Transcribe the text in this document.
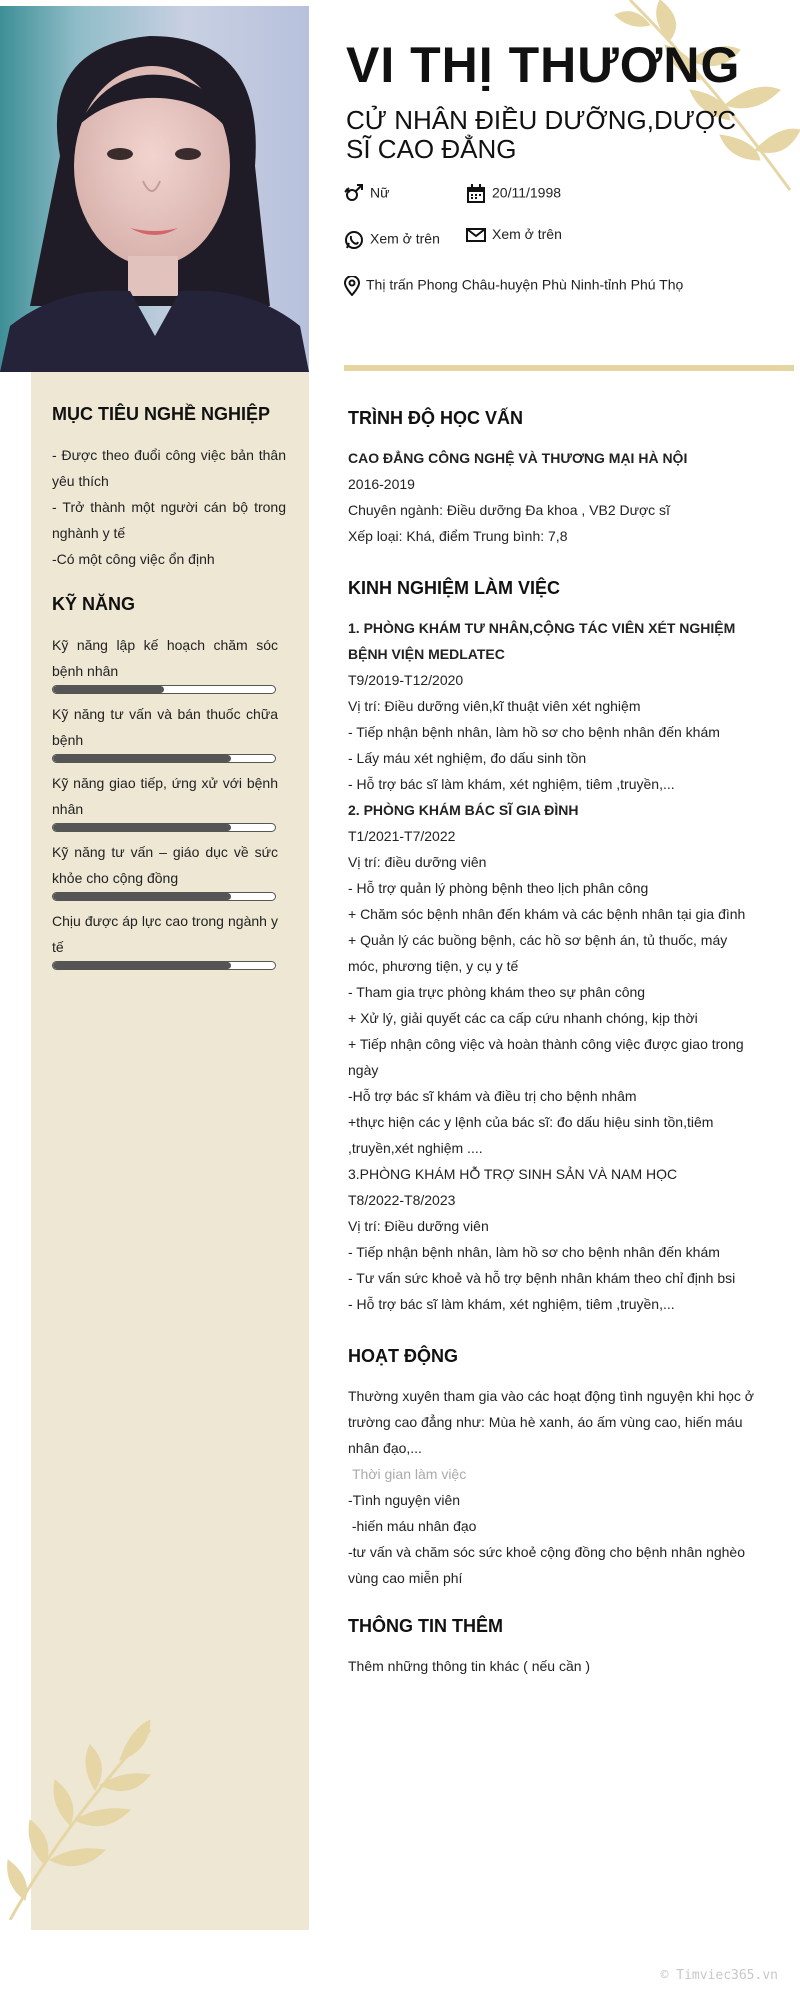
VI THỊ THƯƠNG
CỬ NHÂN ĐIỀU DƯỠNG,DƯỢC SĨ CAO ĐẲNG
Nữ	20/11/1998
Xem ở trên	Xem ở trên
Thị trấn Phong Châu-huyện Phù Ninh-tỉnh Phú Thọ
MỤC TIÊU NGHỀ NGHIỆP
- Được theo đuổi công việc bản thân yêu thích
- Trở thành một người cán bộ trong nghành y tế
-Có một công việc ổn định
KỸ NĂNG
Kỹ năng lập kế hoạch chăm sóc bệnh nhân
Kỹ năng tư vấn và bán thuốc chữa bệnh
Kỹ năng giao tiếp, ứng xử với bệnh nhân
Kỹ năng tư vấn – giáo dục về sức khỏe cho cộng đồng
Chịu được áp lực cao trong ngành y tế
TRÌNH ĐỘ HỌC VẤN
CAO ĐẲNG CÔNG NGHỆ VÀ THƯƠNG MẠI HÀ NỘI
2016-2019
Chuyên ngành: Điều dưỡng Đa khoa , VB2 Dược sĩ
Xếp loại: Khá, điểm Trung bình: 7,8
KINH NGHIỆM LÀM VIỆC
1. PHÒNG KHÁM TƯ NHÂN,CỘNG TÁC VIÊN XÉT NGHIỆM BỆNH VIỆN MEDLATEC
T9/2019-T12/2020
Vị trí: Điều dưỡng viên,kĩ thuật viên xét nghiệm
- Tiếp nhận bệnh nhân, làm hồ sơ cho bệnh nhân đến khám
- Lấy máu xét nghiệm, đo dấu sinh tồn
- Hỗ trợ bác sĩ làm khám, xét nghiệm, tiêm ,truyền,...
2. PHÒNG KHÁM BÁC SĨ GIA ĐÌNH
T1/2021-T7/2022
Vị trí: điều dưỡng viên
- Hỗ trợ quản lý phòng bệnh theo lịch phân công
+ Chăm sóc bệnh nhân đến khám và các bệnh nhân tại gia đình
+ Quản lý các buồng bệnh, các hồ sơ bệnh án, tủ thuốc, máy móc, phương tiện, y cụ y tế
- Tham gia trực phòng khám theo sự phân công
+ Xử lý, giải quyết các ca cấp cứu nhanh chóng, kịp thời
+ Tiếp nhận công việc và hoàn thành công việc được giao trong ngày
-Hỗ trợ bác sĩ khám và điều trị cho bệnh nhâm
+thực hiện các y lệnh của bác sĩ: đo dấu hiệu sinh tồn,tiêm ,truyền,xét nghiệm ....
3.PHÒNG KHÁM HỖ TRỢ SINH SẢN VÀ NAM HỌC
T8/2022-T8/2023
Vị trí: Điều dưỡng viên
- Tiếp nhận bệnh nhân, làm hồ sơ cho bệnh nhân đến khám
- Tư vấn sức khoẻ và hỗ trợ bệnh nhân khám theo chỉ định bsi
- Hỗ trợ bác sĩ làm khám, xét nghiệm, tiêm ,truyền,...
HOẠT ĐỘNG
Thường xuyên tham gia vào các hoạt động tình nguyện khi học ở trường cao đẳng như: Mùa hè xanh, áo ấm vùng cao, hiến máu nhân đạo,...
Thời gian làm việc
-Tình nguyện viên
-hiến máu nhân đạo
-tư vấn và chăm sóc sức khoẻ cộng đồng cho bệnh nhân nghèo vùng cao miễn phí
THÔNG TIN THÊM
Thêm những thông tin khác ( nếu cần )
© Timviec365.vn
